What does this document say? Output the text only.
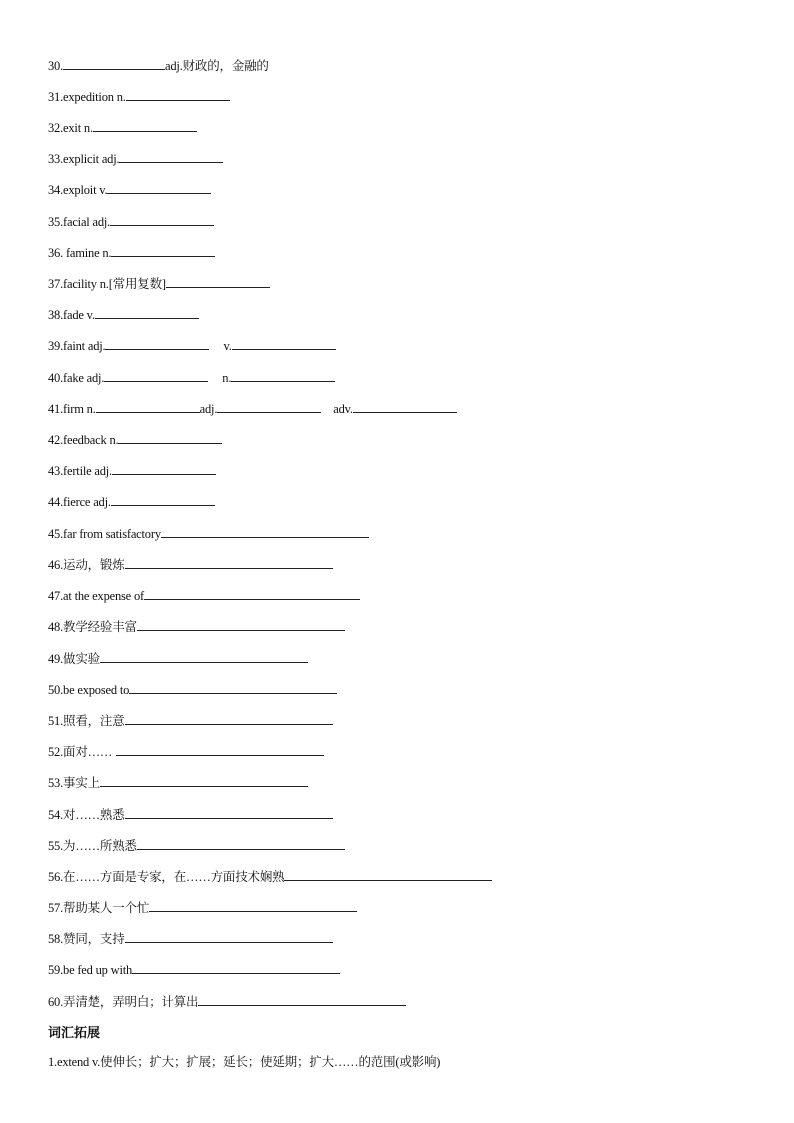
30.	adj.财政的，金融的
31.expedition n.
32.exit n.
33.explicit adj.
34.exploit v.
35.facial adj.
36. famine n.
37.facility n.[常用复数]
38.fade v.
39.faint adj.	v.
40.fake adj.	n.
41.firm n.	adj.	adv.
42.feedback n.
43.fertile adj.
44.fierce adj.
45.far from satisfactory
46.运动，锻炼
47.at the expense of
48.教学经验丰富
49.做实验
50.be exposed to
51.照看，注意
52.面对……
53.事实上
54.对……熟悉
55.为……所熟悉
56.在……方面是专家，在……方面技术娴熟
57.帮助某人一个忙
58.赞同，支持
59.be fed up with
60.弄清楚，弄明白；计算出
词汇拓展
1.extend v.使伸长；扩大；扩展；延长；使延期；扩大……的范围(或影响)
